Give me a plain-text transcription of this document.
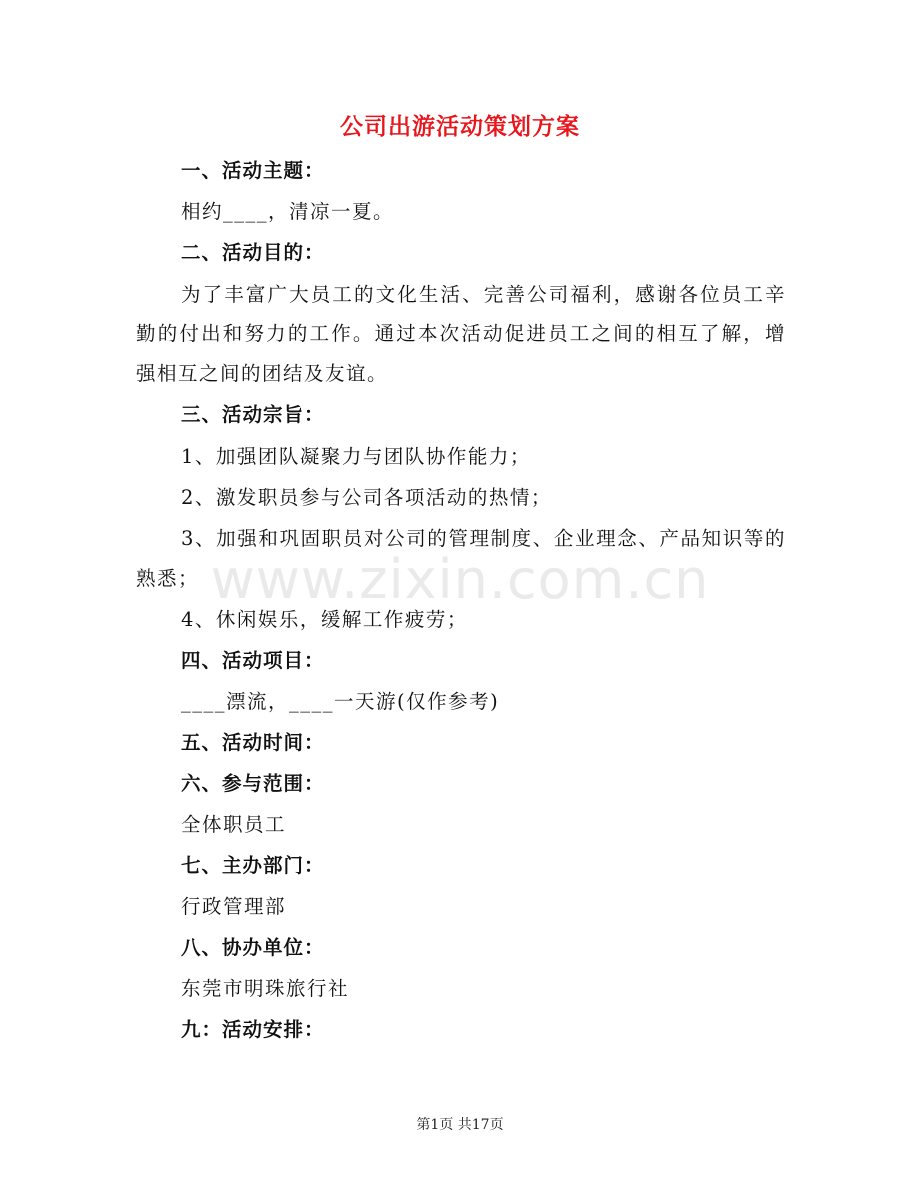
公司出游活动策划方案
一、活动主题：
相约____，清凉一夏。
二、活动目的：
为了丰富广大员工的文化生活、完善公司福利，感谢各位员工辛
勤的付出和努力的工作。通过本次活动促进员工之间的相互了解，增
强相互之间的团结及友谊。
三、活动宗旨：
1、加强团队凝聚力与团队协作能力；
2、激发职员参与公司各项活动的热情；
3、加强和巩固职员对公司的管理制度、企业理念、产品知识等的
熟悉；
4、休闲娱乐，缓解工作疲劳；
四、活动项目：
____漂流，____一天游(仅作参考)
五、活动时间：
六、参与范围：
全体职员工
七、主办部门：
行政管理部
八、协办单位：
东莞市明珠旅行社
九：活动安排：
www.zixin.com.cn
第1页 共17页
